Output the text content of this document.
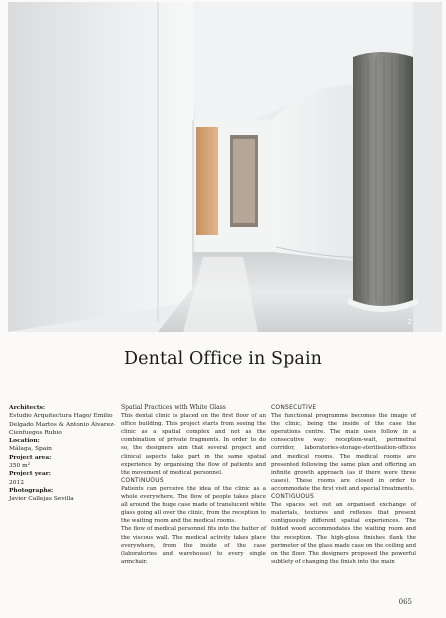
2
Dental Office in Spain
Architects:
Estudio Arquitectura Hago/ Emilio Delgado Martos & Antonio Álvarez-Cienfuegos Rubio
Location:
Málaga, Spain
Project area:
350 m²
Project year:
2012
Photographs:
Javier Callejas Sevilla
Spatial Practices with White Glass

This dental clinic is placed on the first floor of an office building. This project starts from seeing the clinic as a spatial complex and not as the combination of private fragments. In order to do so, the designers aim that several project and clinical aspects take part in the same spatial experience by organising the flow of patients and the movement of medical personnel.

CONTINUOUS

Patients can perceive the idea of the clinic as a whole everywhere. The flow of people takes place all around the huge case made of translucent white glass going all over the clinic, from the reception to the waiting room and the medical rooms.

The flow of medical personnel fits into the batter of the viscous wall. The medical activity takes place everywhere, from the inside of the case (laboratories and warehouse) to every single armchair.

CONSECUTIVE

The functional programme becomes the image of the clinic, being the inside of the case the operations centre. The main uses follow in a consecutive way: reception-wait, perimetral corridor, laboratories-storage-sterilisation-offices and medical rooms. The medical rooms are presented following the same plan and offering an infinite growth approach (as if there were three cases). These rooms are closed in order to accommodate the first visit and special treatments.

CONTIGUOUS

The spaces set out an organised exchange of materials, textures and reflexes that present contiguously different spatial experiences. The folded wood accommodates the waiting room and the reception. The high-gloss finishes flank the perimeter of the glass made case on the ceiling and on the floor. The designers proposed the powerful subtlety of changing the finish into the main

065
